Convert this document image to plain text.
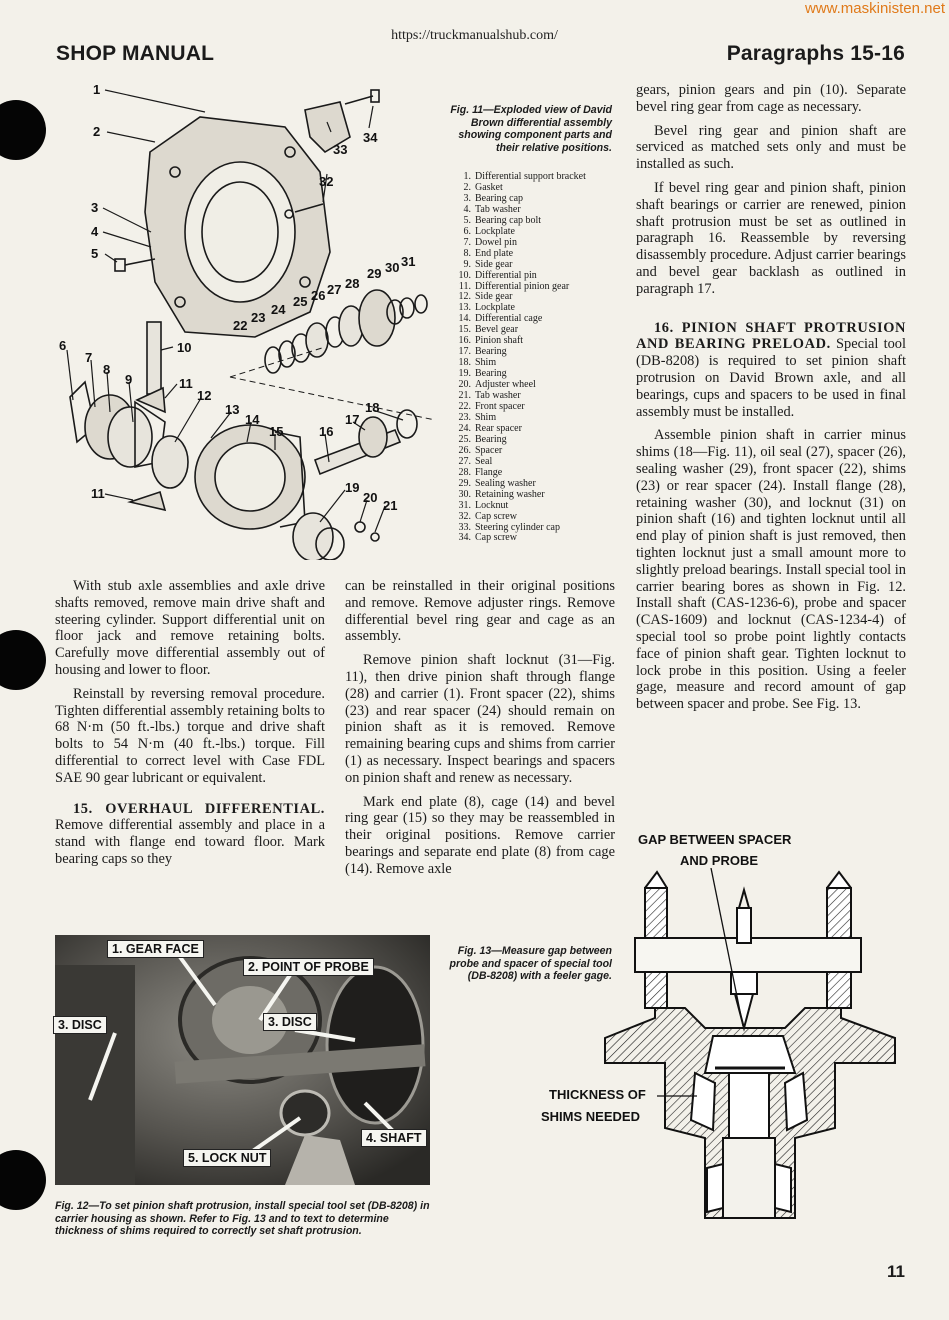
www.maskinisten.net
https://truckmanualshub.com/
SHOP MANUAL	Paragraphs 15-16
1
2
3
4
5
6
7
8
9
10
11
11
12
13
14
15	16
17
18
19
20
21
22
23
24
25 26 27 28
29 30 31
32
33
34
Fig. 11—Exploded view of David Brown differential assembly showing component parts and their relative positions.
1. Differential support bracket
2. Gasket
3. Bearing cap
4. Tab washer
5. Bearing cap bolt
6. Lockplate
7. Dowel pin
8. End plate
9. Side gear
10. Differential pin
11. Differential pinion gear
12. Side gear
13. Lockplate
14. Differential cage
15. Bevel gear
16. Pinion shaft
17. Bearing
18. Shim
19. Bearing
20. Adjuster wheel
21. Tab washer
22. Front spacer
23. Shim
24. Rear spacer
25. Bearing
26. Spacer
27. Seal
28. Flange
29. Sealing washer
30. Retaining washer
31. Locknut
32. Cap screw
33. Steering cylinder cap
34. Cap screw

With stub axle assemblies and axle drive shafts removed, remove main drive shaft and steering cylinder. Support differential unit on floor jack and remove retaining bolts. Carefully move differential assembly out of housing and lower to floor.

Reinstall by reversing removal procedure. Tighten differential assembly retaining bolts to 68 N·m (50 ft.-lbs.) torque and drive shaft bolts to 54 N·m (40 ft.-lbs.) torque. Fill differential to correct level with Case FDL SAE 90 gear lubricant or equivalent.

15. OVERHAUL DIFFERENTIAL. Remove differential assembly and place in a stand with flange end toward floor. Mark bearing caps so they

can be reinstalled in their original positions and remove. Remove adjuster rings. Remove differential bevel ring gear and cage as an assembly.

Remove pinion shaft locknut (31—Fig. 11), then drive pinion shaft through flange (28) and carrier (1). Front spacer (22), shims (23) and rear spacer (24) should remain on pinion shaft as it is removed. Remove remaining bearing cups and shims from carrier (1) as necessary. Inspect bearings and spacers on pinion shaft and renew as necessary.

Mark end plate (8), cage (14) and bevel ring gear (15) so they may be reassembled in their original positions. Remove carrier bearings and separate end plate (8) from cage (14). Remove axle

gears, pinion gears and pin (10). Separate bevel ring gear from cage as necessary.

Bevel ring gear and pinion shaft are serviced as matched sets only and must be installed as such.

If bevel ring gear and pinion shaft, pinion shaft bearings or carrier are renewed, pinion shaft protrusion must be set as outlined in paragraph 16. Reassemble by reversing disassembly procedure. Adjust carrier bearings and bevel gear backlash as outlined in paragraph 17.

16. PINION SHAFT PROTRUSION AND BEARING PRELOAD. Special tool (DB-8208) is required to set pinion shaft protrusion on David Brown axle, and all bearings, cups and spacers to be used in final assembly must be installed.

Assemble pinion shaft in carrier minus shims (18—Fig. 11), oil seal (27), spacer (26), sealing washer (29), front spacer (22), shims (23) or rear spacer (24). Install flange (28), retaining washer (30), and locknut (31) on pinion shaft (16) and tighten locknut until all end play of pinion shaft is just removed, then tighten locknut just a small amount more to slightly preload bearings. Install special tool in carrier bearing bores as shown in Fig. 12. Install shaft (CAS-1236-6), probe and spacer (CAS-1609) and locknut (CAS-1234-4) of special tool so probe point lightly contacts face of pinion shaft gear. Tighten locknut to lock probe in this position. Using a feeler gage, measure and record amount of gap between spacer and probe. See Fig. 13.

1. GEAR FACE
2. POINT OF PROBE
3. DISC	3. DISC
4. SHAFT
5. LOCK NUT
Fig. 12—To set pinion shaft protrusion, install special tool set (DB-8208) in carrier housing as shown. Refer to Fig. 13 and to text to determine thickness of shims required to correctly set shaft protrusion.
Fig. 13—Measure gap between probe and spacer of special tool (DB-8208) with a feeler gage.
GAP BETWEEN SPACER
AND PROBE
THICKNESS OF
SHIMS NEEDED
11
